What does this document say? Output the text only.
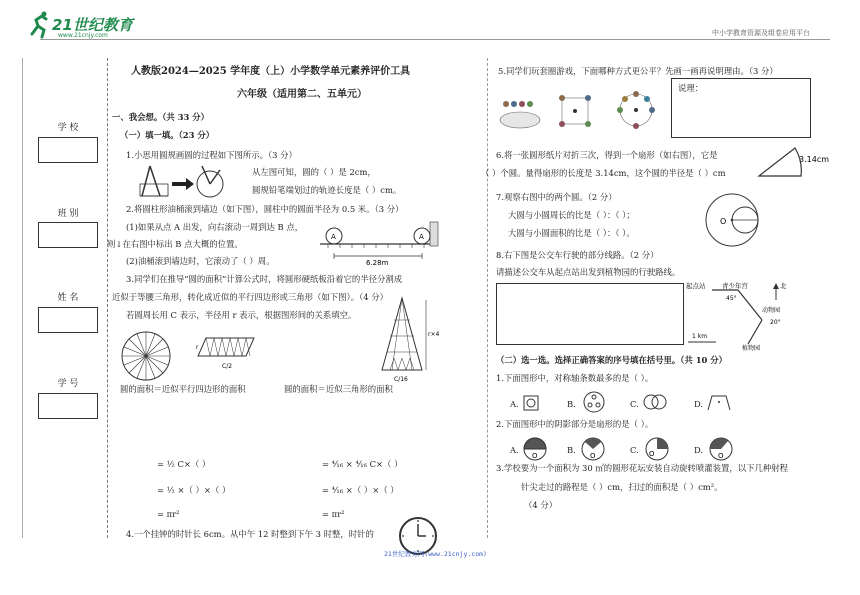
21世纪教育
www.21cnjy.com	中小学教育资源及组卷应用平台
学 校
班 别
姓 名
学 号
人教版2024—2025 学年度（上）小学数学单元素养评价工具
六年级（适用第二、五单元）
一、我会想。（共 33 分）
（一）填一填。（23 分）
1.小思用圆规画圆的过程如下图所示。（3 分）
从左图可知，圆的（ ）是 2cm，
圆规铅笔端划过的轨迹长度是（ ）cm。
2.将圆柱形油桶滚到墙边（如下图），圆柱中的圆面半径为 0.5 米。（3 分）
(1)如果从点 A 出发，向右滚动一周到达 B 点，
则↓在右图中标出 B 点大概的位置。
(2)油桶滚到墙边时，它滚动了（ ）周。
A	A
6.28m
3.同学们在推导“圆的面积”计算公式时，将圆形硬纸板沿着它的半径分割成
近似于等腰三角形，转化成近似的平行四边形或三角形（如下图）。（4 分）
若圆周长用 C 表示，半径用 r 表示，根据图形间的关系填空。
C/2
r
r×4
C/16
圆的面积＝近似平行四边形的面积	圆的面积＝近似三角形的面积
= ½ C×（ ）
= ½ ×（ ）×（ ）
= πr²
= ⁴⁄₁₆ × ⁴⁄₁₆ C×（ ）
= ⁴⁄₁₆ ×（ ）×（ ）
= πr²
4.一个挂钟的时针长 6cm。从中午 12 时整到下午 3 时整，时针的
5.同学们玩套圈游戏，下面哪种方式更公平？先画一画再说明理由。（3 分）
说理：
6.将一张圆形纸片对折三次，得到一个扇形（如右图），它是
（ ）个圆。量得扇形的长度是 3.14cm，这个圆的半径是（ ）cm
3.14cm
7.观察右图中的两个圆。（2 分）
大圆与小圆周长的比是（ ）：（ ）；
大圆与小圆面积的比是（ ）：（ ）。
O
8.右下图是公交车行驶的部分线路。（2 分）
请描述公交车从起点站出发到植物园的行驶路线。
起点站	青少年宫
45°
20°
动物园
植物园
北
1 km
（二）选一选。选择正确答案的序号填在括号里。（共 10 分）
1.下面图形中，对称轴条数最多的是（ ）。
A.	B.	C.	D.
2.下面图形中的阴影部分是扇形的是（ ）。
A.
O
B.
O
C. O	D.
O
3.学校要为一个面积为 30 ㎡的圆形花坛安装自动旋转喷灌装置，以下几种射程
针尖走过的路程是（ ）cm，扫过的面积是（ ）cm²。
（4 分）
21世纪教育网(www.21cnjy.com)
